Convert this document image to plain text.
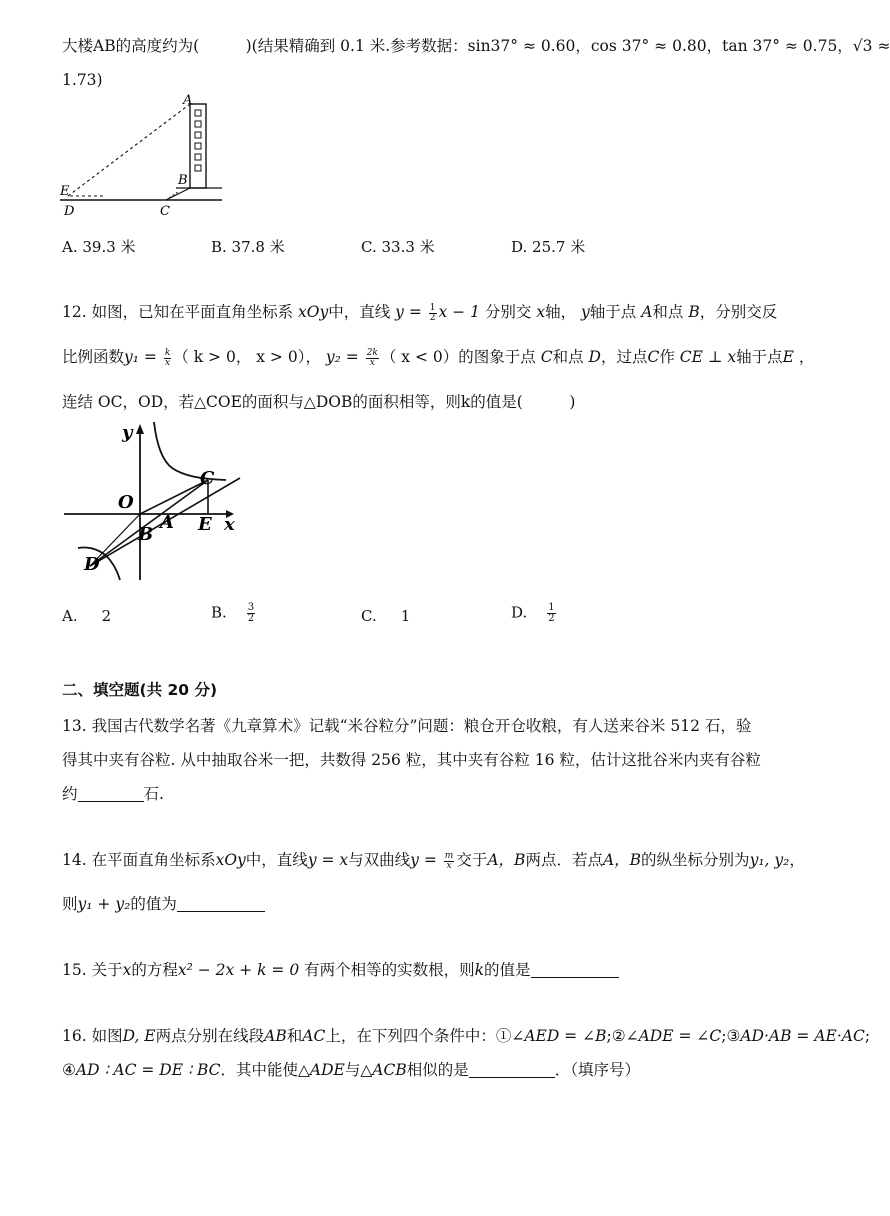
大楼AB的高度约为(　　　)(结果精确到 0.1 米.参考数据：sin37° ≈ 0.60，cos 37° ≈ 0.80，tan 37° ≈ 0.75，√3 ≈
1.73)
A
B
C
D
E
A. 39.3 米	B. 37.8 米	C. 33.3 米	D. 25.7 米
12. 如图，已知在平面直角坐标系 xOy中，直线 $y = \frac{1}{2}$ x − 1 分别交 x轴， y轴于点 A和点 B，分别交反
比例函数$y_1 = \frac{k}{x}$ （ k > 0， x > 0）， $y_2 = \frac{2k}{x}$ （ x < 0）的图象于点 C和点 D，过点C作 CE ⊥ x轴于点E ，
连结 OC，OD，若△COE的面积与△DOB的面积相等，则k的值是(　　　)
y
x
O
A
B
C
D
E
A. 2	B. $\frac{3}{2}$	C. 1	D. $\frac{1}{2}$
二、填空题(共 20 分)
13. 我国古代数学名著《九章算术》记载“米谷粒分”问题：粮仓开仓收粮，有人送来谷米 512 石，验
得其中夹有谷粒. 从中抽取谷米一把，共数得 256 粒，其中夹有谷粒 16 粒，估计这批谷米内夹有谷粒
约	石.
14. 在平面直角坐标系xOy中，直线y = x与双曲线$y = \frac{m}{x}$ 交于A，B两点．若点A，B的纵坐标分别为y₁, y₂，
则y₁ + y₂的值为
15. 关于x的方程x² − 2x + k = 0 有两个相等的实数根，则k的值是
16. 如图D, E两点分别在线段AB和AC上，在下列四个条件中：①∠AED = ∠B;②∠ADE = ∠C;③AD·AB = AE·AC;
④AD ∶ AC = DE ∶ BC．其中能使△ADE与△ACB相似的是	．（填序号）
